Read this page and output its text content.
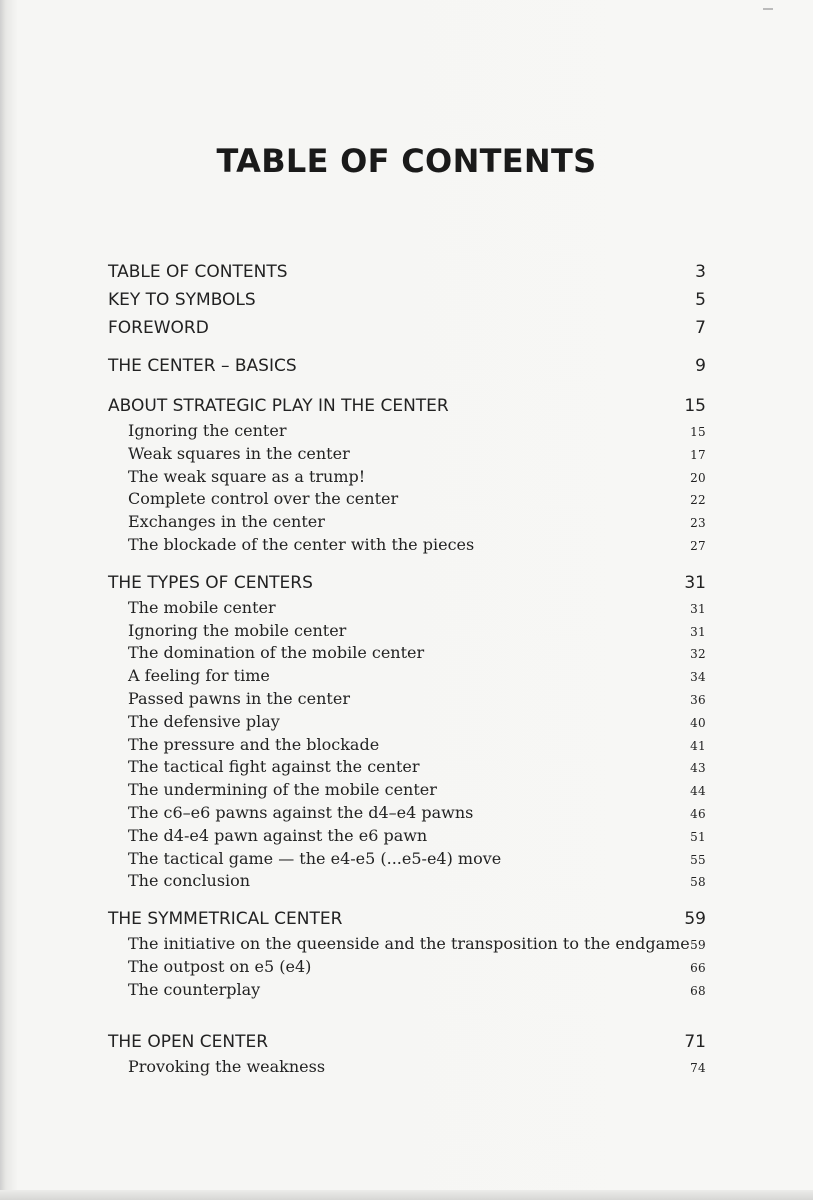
TABLE OF CONTENTS
TABLE OF CONTENTS	3
KEY TO SYMBOLS	5
FOREWORD	7
THE CENTER – BASICS	9
ABOUT STRATEGIC PLAY IN THE CENTER	15
Ignoring the center	15
Weak squares in the center	17
The weak square as a trump!	20
Complete control over the center	22
Exchanges in the center	23
The blockade of the center with the pieces	27
THE TYPES OF CENTERS	31
The mobile center	31
Ignoring the mobile center	31
The domination of the mobile center	32
A feeling for time	34
Passed pawns in the center	36
The defensive play	40
The pressure and the blockade	41
The tactical fight against the center	43
The undermining of the mobile center	44
The c6–e6 pawns against the d4–e4 pawns	46
The d4-e4 pawn against the e6 pawn	51
The tactical game — the e4-e5 (...e5-e4) move	55
The conclusion	58
THE SYMMETRICAL CENTER	59
The initiative on the queenside and the transposition to the endgame 59
The outpost on e5 (e4)	66
The counterplay	68
THE OPEN CENTER	71
Provoking the weakness	74
